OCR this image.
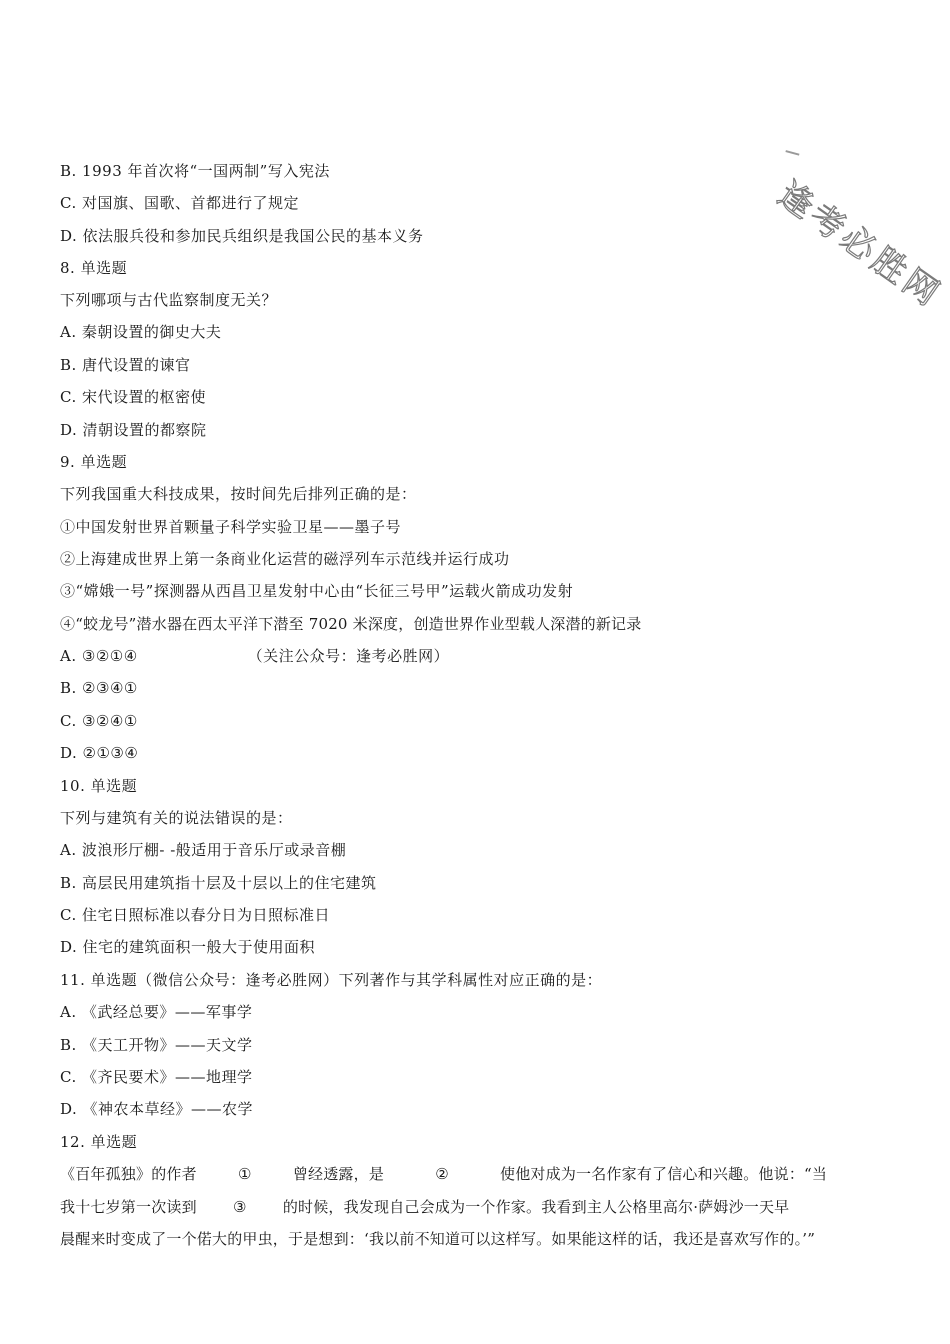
逢考必胜网
B. 1993 年首次将“一国两制”写入宪法
C. 对国旗、国歌、首都进行了规定
D. 依法服兵役和参加民兵组织是我国公民的基本义务
8. 单选题
下列哪项与古代监察制度无关？
A. 秦朝设置的御史大夫
B. 唐代设置的谏官
C. 宋代设置的枢密使
D. 清朝设置的都察院
9. 单选题
下列我国重大科技成果，按时间先后排列正确的是：
①中国发射世界首颗量子科学实验卫星——墨子号
②上海建成世界上第一条商业化运营的磁浮列车示范线并运行成功
③“嫦娥一号”探测器从西昌卫星发射中心由“长征三号甲”运载火箭成功发射
④“蛟龙号”潜水器在西太平洋下潜至 7020 米深度，创造世界作业型载人深潜的新记录
A. ③②①④	（关注公众号：逢考必胜网）
B. ②③④①
C. ③②④①
D. ②①③④
10. 单选题
下列与建筑有关的说法错误的是：
A. 波浪形厅棚- -般适用于音乐厅或录音棚
B. 高层民用建筑指十层及十层以上的住宅建筑
C. 住宅日照标准以春分日为日照标准日
D. 住宅的建筑面积一般大于使用面积
11. 单选题（微信公众号：逢考必胜网）下列著作与其学科属性对应正确的是：
A. 《武经总要》——军事学
B. 《天工开物》——天文学
C. 《齐民要术》——地理学
D. 《神农本草经》——农学
12. 单选题
《百年孤独》的作者	①	曾经透露，是	②	使他对成为一名作家有了信心和兴趣。他说：“当
我十七岁第一次读到 ③ 的时候，我发现自己会成为一个作家。我看到主人公格里高尔·萨姆沙一天早
晨醒来时变成了一个偌大的甲虫，于是想到：‘我以前不知道可以这样写。如果能这样的话，我还是喜欢写作的。’”
